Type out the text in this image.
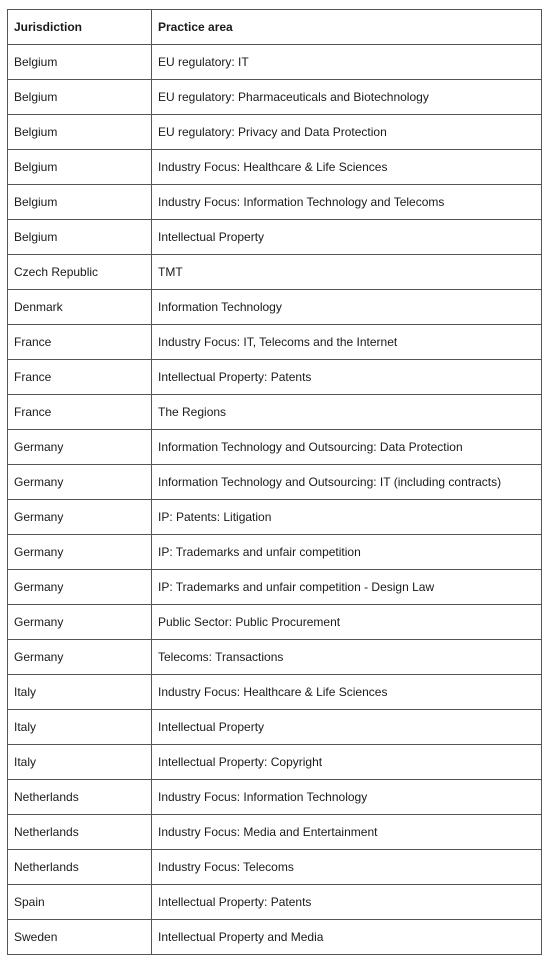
Jurisdiction	Practice area
Belgium	EU regulatory: IT
Belgium	EU regulatory: Pharmaceuticals and Biotechnology
Belgium	EU regulatory: Privacy and Data Protection
Belgium	Industry Focus: Healthcare & Life Sciences
Belgium	Industry Focus: Information Technology and Telecoms
Belgium	Intellectual Property
Czech Republic	TMT
Denmark	Information Technology
France	Industry Focus: IT, Telecoms and the Internet
France	Intellectual Property: Patents
France	The Regions
Germany	Information Technology and Outsourcing: Data Protection
Germany	Information Technology and Outsourcing: IT (including contracts)
Germany	IP: Patents: Litigation
Germany	IP: Trademarks and unfair competition
Germany	IP: Trademarks and unfair competition - Design Law
Germany	Public Sector: Public Procurement
Germany	Telecoms: Transactions
Italy	Industry Focus: Healthcare & Life Sciences
Italy	Intellectual Property
Italy	Intellectual Property: Copyright
Netherlands	Industry Focus: Information Technology
Netherlands	Industry Focus: Media and Entertainment
Netherlands	Industry Focus: Telecoms
Spain	Intellectual Property: Patents
Sweden	Intellectual Property and Media
